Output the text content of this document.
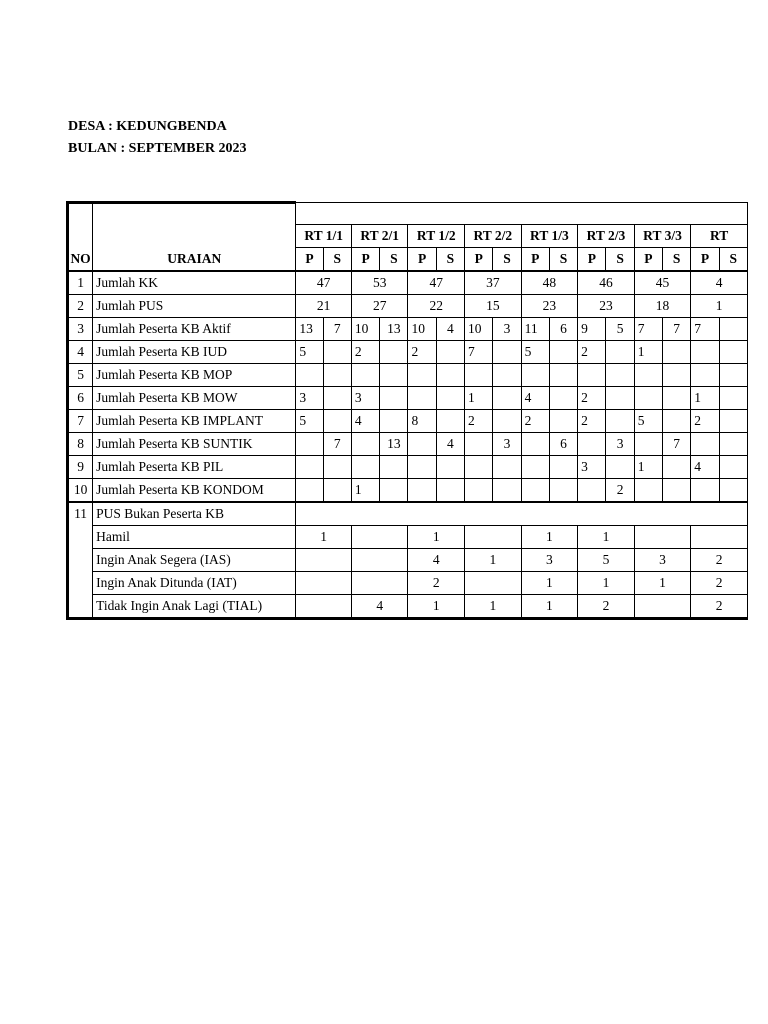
DESA : KEDUNGBENDA
BULAN : SEPTEMBER 2023

		RT 1/1		RT 2/1		RT 1/2		RT 2/2		RT 1/3		RT 2/3		RT 3/3		RT	
NO	URAIAN	P	S	P	S	P	S	P	S	P	S	P	S	P	S	P	S
1	Jumlah KK	47		53		47		37		48		46		45		4	
2	Jumlah PUS	21		27		22		15		23		23		18		1	
3	Jumlah Peserta KB Aktif	13	7	10	13	10	4	10	3	11	6	9	5	7	7	7	
4	Jumlah Peserta KB IUD	5		2		2		7		5		2		1			
5	Jumlah Peserta KB MOP																
6	Jumlah Peserta KB MOW	3		3				1		4		2				1	
7	Jumlah Peserta KB IMPLANT	5		4		8		2		2		2		5		2	
8	Jumlah Peserta KB SUNTIK		7		13		4		3		6		3		7		
9	Jumlah Peserta KB PIL											3		1		4	
10	Jumlah Peserta KB KONDOM			1									2				
11	PUS Bukan Peserta KB																
	Hamil	1				1				1		1					
	Ingin Anak Segera (IAS)					4		1		3		5		3		2	
	Ingin Anak Ditunda (IAT)					2				1		1		1		2	
	Tidak Ingin Anak Lagi (TIAL)			4		1		1		1		2				2	
